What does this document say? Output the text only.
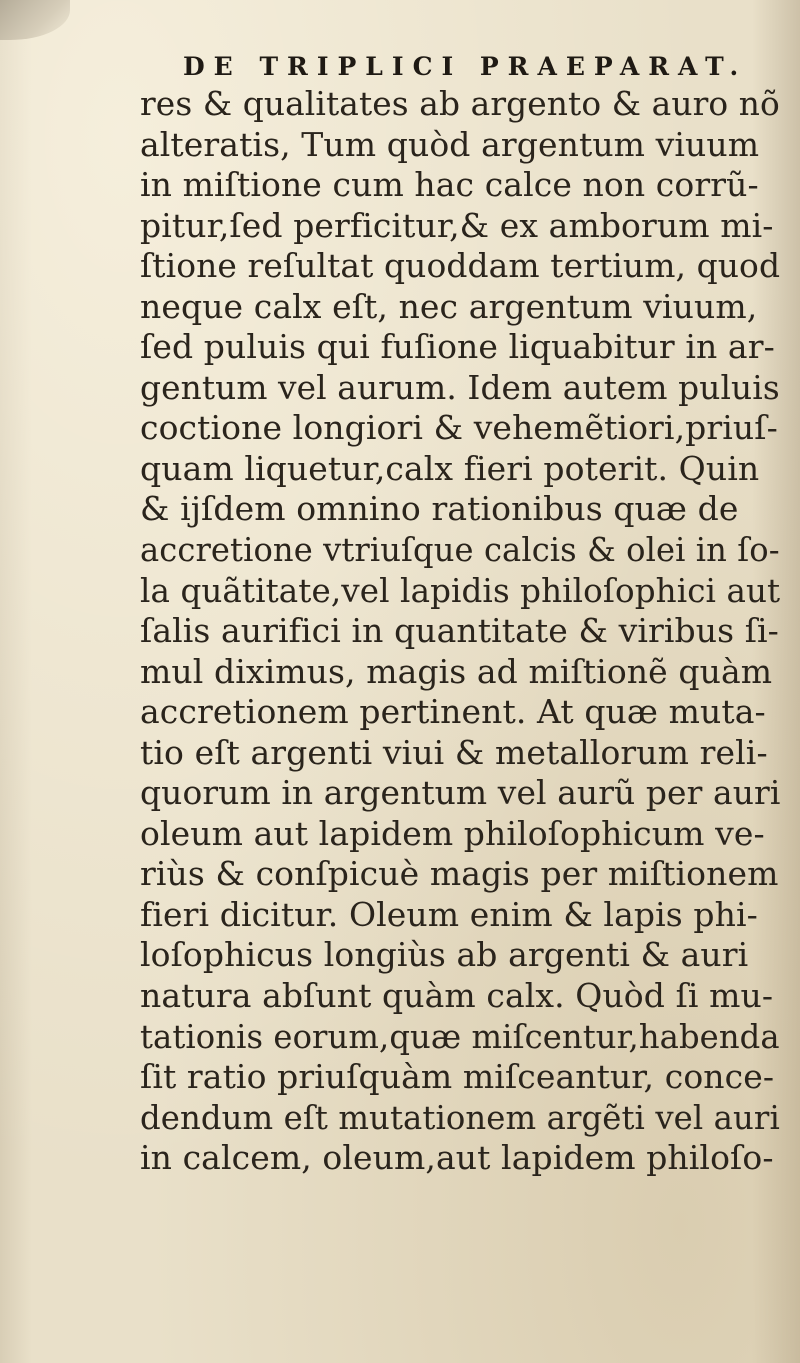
DE TRIPLICI PRAEPARAT.
res & qualitates ab argento & auro nõ
alteratis, Tum quòd argentum viuum
in miſtione cum hac calce non corrũ-
pitur,ſed perficitur,& ex amborum mi-
ſtione reſultat quoddam tertium, quod
neque calx eſt, nec argentum viuum,
ſed puluis qui fuſione liquabitur in ar-
gentum vel aurum. Idem autem puluis
coctione longiori & vehemẽtiori,priuſ-
quam liquetur,calx fieri poterit. Quin
& ijſdem omnino rationibus quæ de
accretione vtriuſque calcis & olei in ſo-
la quãtitate,vel lapidis philoſophici aut
ſalis aurifici in quantitate & viribus ſi-
mul diximus, magis ad miſtionẽ quàm
accretionem pertinent. At quæ muta-
tio eſt argenti viui & metallorum reli-
quorum in argentum vel aurũ per auri
oleum aut lapidem philoſophicum ve-
riùs & conſpicuè magis per miſtionem
fieri dicitur. Oleum enim & lapis phi-
loſophicus longiùs ab argenti & auri
natura abſunt quàm calx. Quòd ſi mu-
tationis eorum,quæ miſcentur,habenda
ſit ratio priuſquàm miſceantur, conce-
dendum eſt mutationem argẽti vel auri
in calcem, oleum,aut lapidem philoſo-
